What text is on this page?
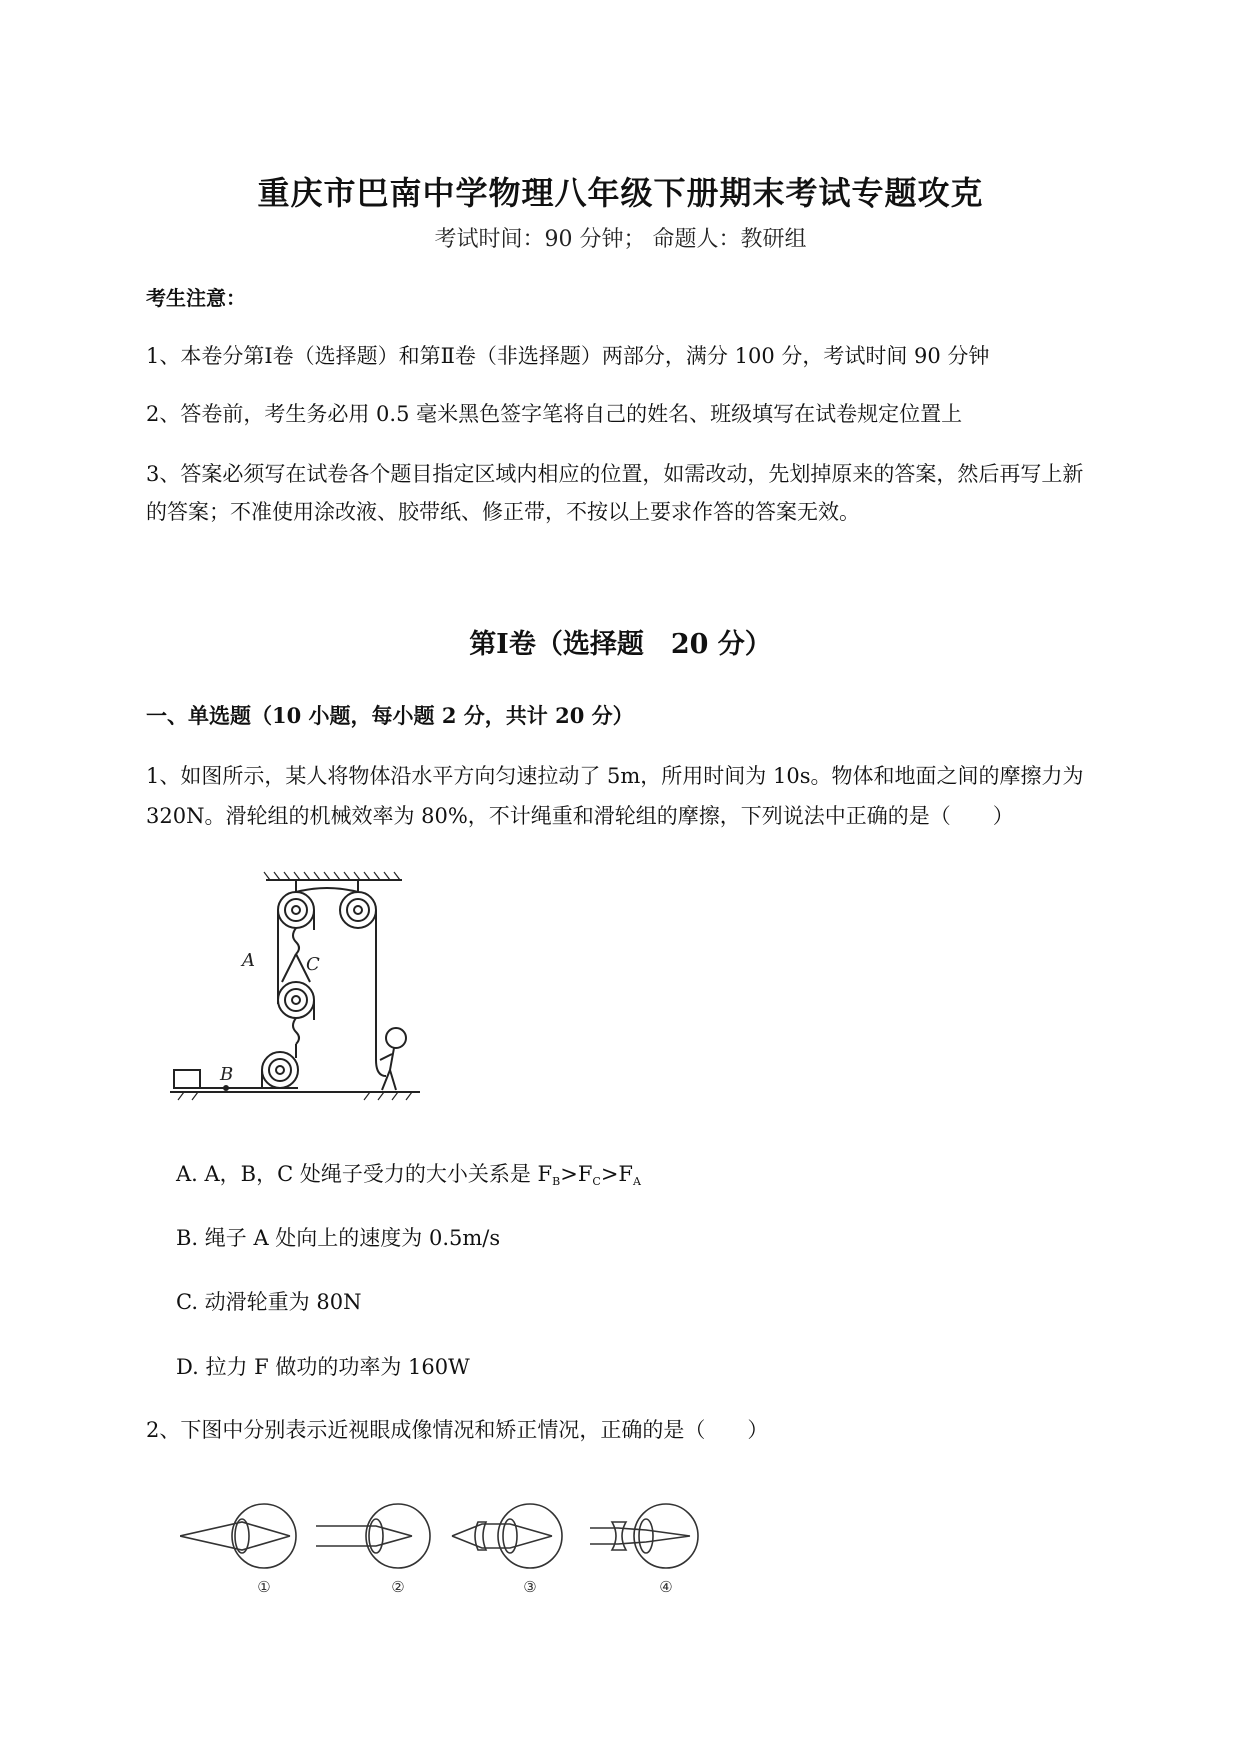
重庆市巴南中学物理八年级下册期末考试专题攻克
考试时间：90 分钟； 命题人：教研组
考生注意：
1、本卷分第Ⅰ卷（选择题）和第Ⅱ卷（非选择题）两部分，满分 100 分，考试时间 90 分钟
2、答卷前，考生务必用 0.5 毫米黑色签字笔将自己的姓名、班级填写在试卷规定位置上
3、答案必须写在试卷各个题目指定区域内相应的位置，如需改动，先划掉原来的答案，然后再写上新
的答案；不准使用涂改液、胶带纸、修正带，不按以上要求作答的答案无效。
第Ⅰ卷（选择题　20 分）
一、单选题（10 小题，每小题 2 分，共计 20 分）
1、如图所示，某人将物体沿水平方向匀速拉动了 5m，所用时间为 10s。物体和地面之间的摩擦力为
320N。滑轮组的机械效率为 80%，不计绳重和滑轮组的摩擦，下列说法中正确的是（　　）
A
B
C
A. A，B，C 处绳子受力的大小关系是 $F_B>F_C>F_A$
B. 绳子 A 处向上的速度为 0.5m/s
C. 动滑轮重为 80N
D. 拉力 F 做功的功率为 160W
2、下图中分别表示近视眼成像情况和矫正情况，正确的是（　　）
①	②	③	④
